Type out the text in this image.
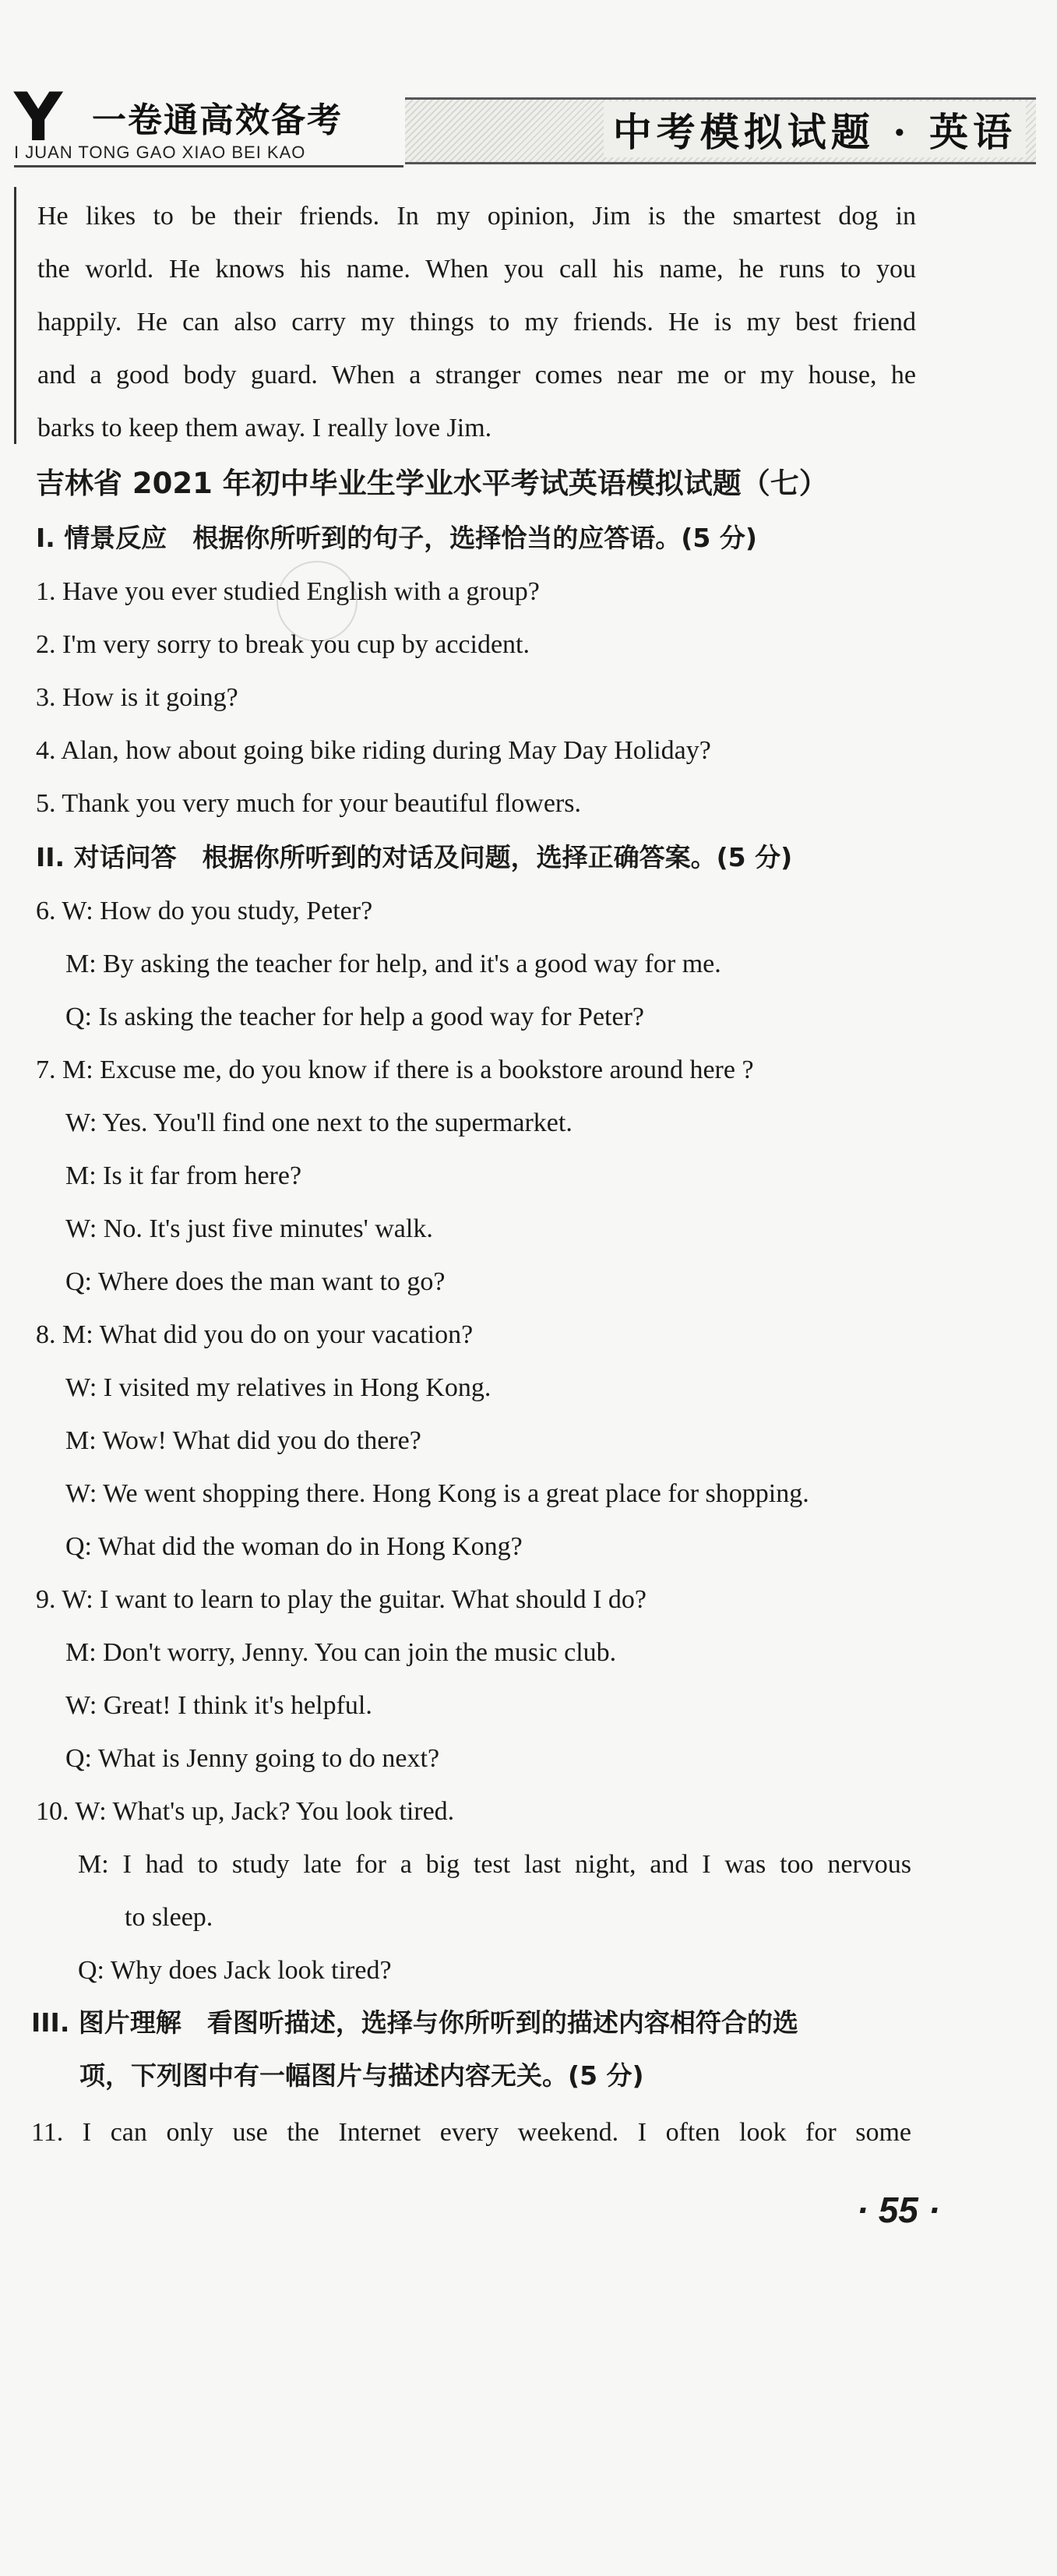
Y 一卷通高效备考
I JUAN TONG GAO XIAO BEI KAO	中考模拟试题 · 英语
He likes to be their friends. In my opinion, Jim is the smartest dog in
the world. He knows his name. When you call his name, he runs to you
happily. He can also carry my things to my friends. He is my best friend
and a good body guard. When a stranger comes near me or my house, he
barks to keep them away. I really love Jim.
吉林省 2021 年初中毕业生学业水平考试英语模拟试题（七）
I. 情景反应　根据你所听到的句子，选择恰当的应答语。(5 分)
1. Have you ever studied English with a group?
2. I'm very sorry to break you cup by accident.
3. How is it going?
4. Alan, how about going bike riding during May Day Holiday?
5. Thank you very much for your beautiful flowers.
II. 对话问答　根据你所听到的对话及问题，选择正确答案。(5 分)
6. W: How do you study, Peter?
M: By asking the teacher for help, and it's a good way for me.
Q: Is asking the teacher for help a good way for Peter?
7. M: Excuse me, do you know if there is a bookstore around here ?
W: Yes. You'll find one next to the supermarket.
M: Is it far from here?
W: No. It's just five minutes' walk.
Q: Where does the man want to go?
8. M: What did you do on your vacation?
W: I visited my relatives in Hong Kong.
M: Wow! What did you do there?
W: We went shopping there. Hong Kong is a great place for shopping.
Q: What did the woman do in Hong Kong?
9. W: I want to learn to play the guitar. What should I do?
M: Don't worry, Jenny. You can join the music club.
W: Great! I think it's helpful.
Q: What is Jenny going to do next?
10. W: What's up, Jack? You look tired.
M: I had to study late for a big test last night, and I was too nervous
to sleep.
Q: Why does Jack look tired?
III. 图片理解　看图听描述，选择与你所听到的描述内容相符合的选
项，下列图中有一幅图片与描述内容无关。(5 分)
11. I can only use the Internet every weekend. I often look for some
· 55 ·
